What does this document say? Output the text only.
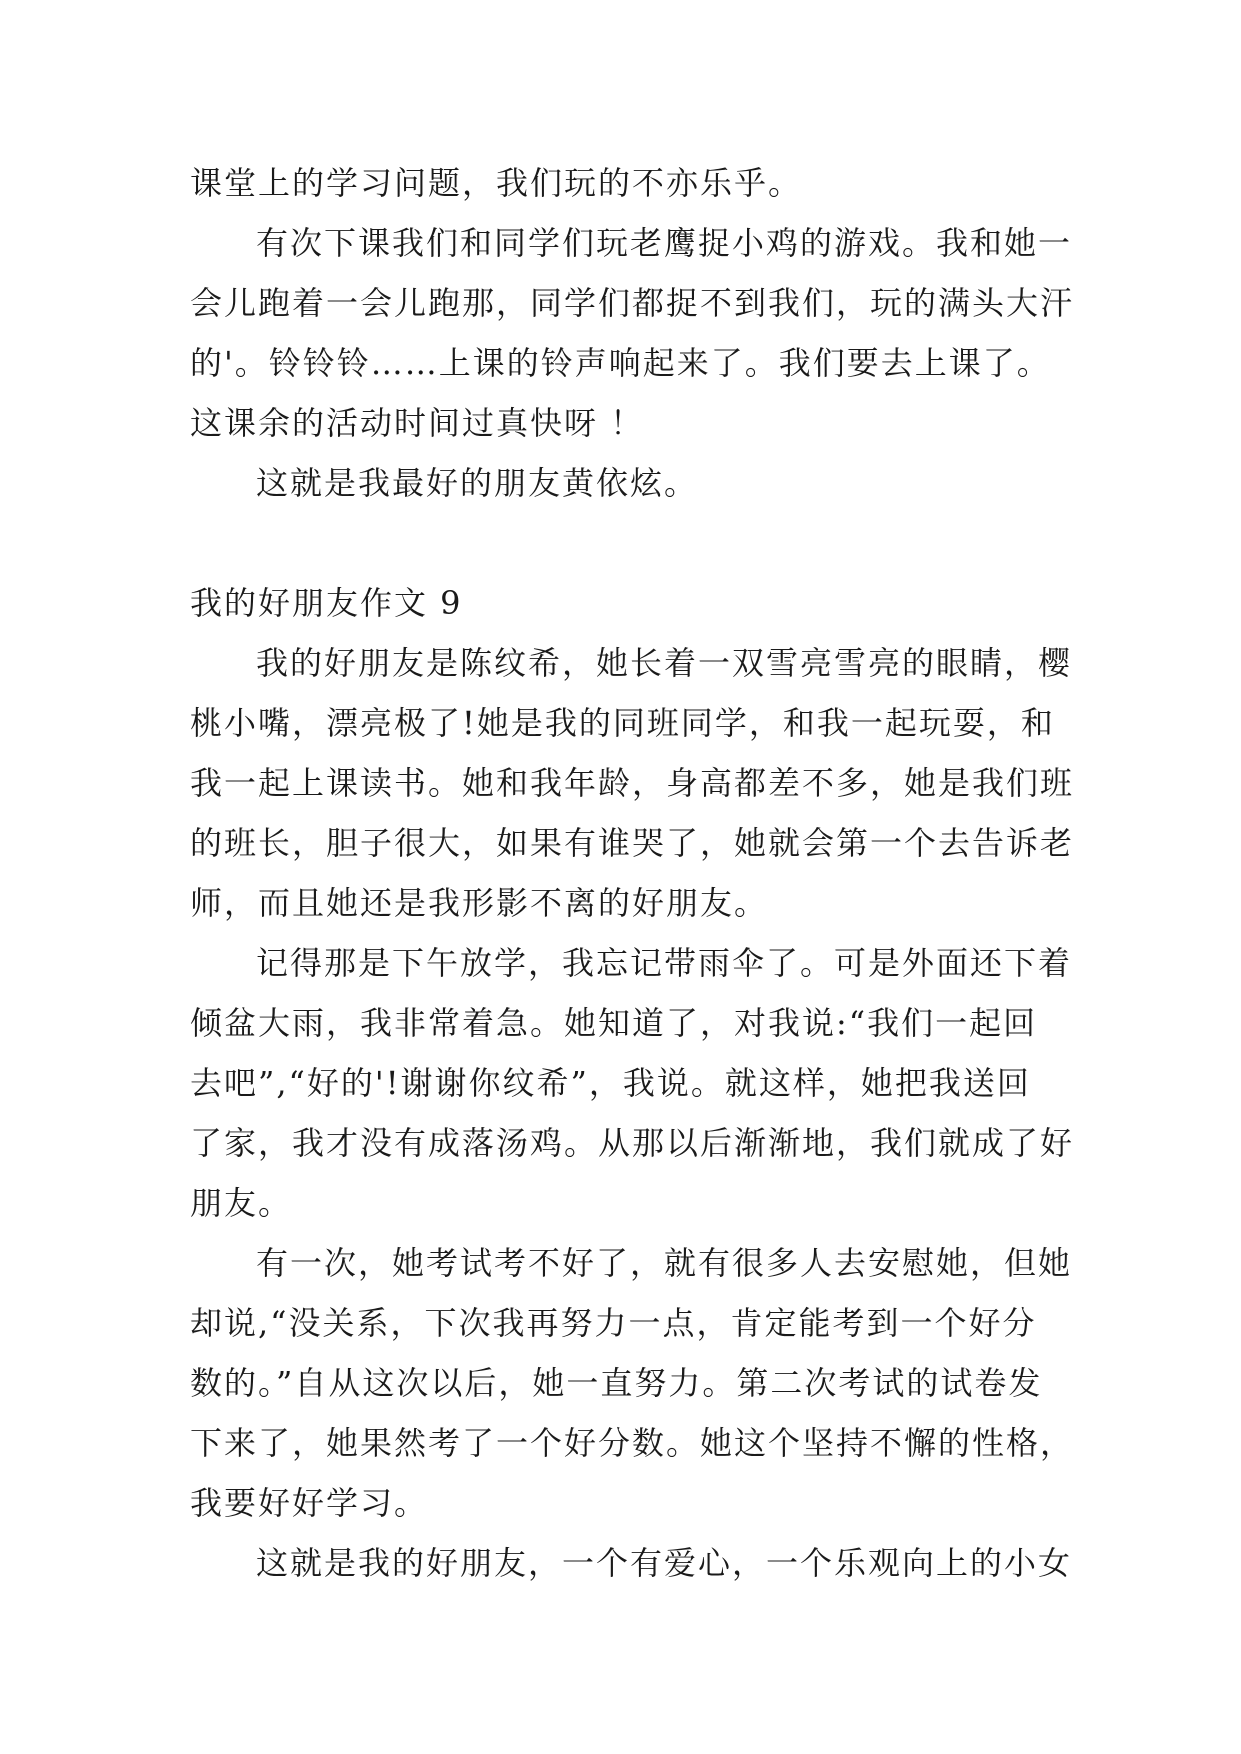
课堂上的学习问题，我们玩的不亦乐乎。
有次下课我们和同学们玩老鹰捉小鸡的游戏。我和她一
会儿跑着一会儿跑那，同学们都捉不到我们，玩的满头大汗
的'。铃铃铃……上课的铃声响起来了。我们要去上课了。
这课余的活动时间过真快呀 ！
这就是我最好的朋友黄依炫。
我的好朋友作文 9
我的好朋友是陈纹希，她长着一双雪亮雪亮的眼睛，樱
桃小嘴，漂亮极了!她是我的同班同学，和我一起玩耍，和
我一起上课读书。她和我年龄，身高都差不多，她是我们班
的班长，胆子很大，如果有谁哭了，她就会第一个去告诉老
师，而且她还是我形影不离的好朋友。
记得那是下午放学，我忘记带雨伞了。可是外面还下着
倾盆大雨，我非常着急。她知道了，对我说:“我们一起回
去吧”,“好的'!谢谢你纹希”，我说。就这样，她把我送回
了家，我才没有成落汤鸡。从那以后渐渐地，我们就成了好
朋友。
有一次，她考试考不好了，就有很多人去安慰她，但她
却说,“没关系，下次我再努力一点，肯定能考到一个好分
数的。”自从这次以后，她一直努力。第二次考试的试卷发
下来了，她果然考了一个好分数。她这个坚持不懈的性格，
我要好好学习。
这就是我的好朋友，一个有爱心，一个乐观向上的小女
